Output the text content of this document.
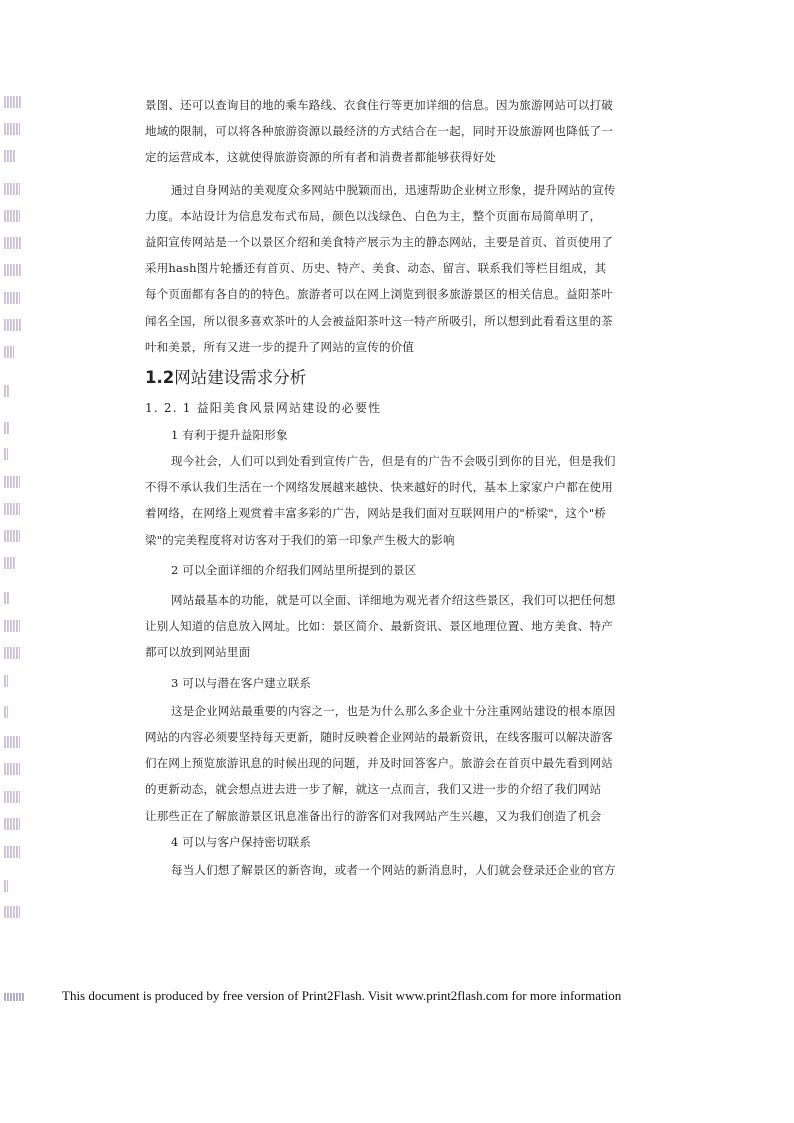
景图、还可以查询目的地的乘车路线、衣食住行等更加详细的信息。因为旅游网站可以打破
地域的限制，可以将各种旅游资源以最经济的方式结合在一起，同时开设旅游网也降低了一
定的运营成本，这就使得旅游资源的所有者和消费者都能够获得好处
通过自身网站的美观度众多网站中脱颖而出，迅速帮助企业树立形象，提升网站的宣传
力度。本站设计为信息发布式布局，颜色以浅绿色、白色为主，整个页面布局简单明了，
益阳宣传网站是一个以景区介绍和美食特产展示为主的静态网站，主要是首页、首页使用了
采用hash图片轮播还有首页、历史、特产、美食、动态、留言、联系我们等栏目组成，其
每个页面都有各自的的特色。旅游者可以在网上浏览到很多旅游景区的相关信息。益阳茶叶
闻名全国，所以很多喜欢茶叶的人会被益阳茶叶这一特产所吸引，所以想到此看看这里的茶
叶和美景，所有又进一步的提升了网站的宣传的价值
1.2网站建设需求分析
1. 2. 1 益阳美食风景网站建设的必要性
1 有利于提升益阳形象
现今社会，人们可以到处看到宣传广告，但是有的广告不会吸引到你的目光，但是我们
不得不承认我们生活在一个网络发展越来越快、快来越好的时代，基本上家家户户都在使用
着网络，在网络上观赏着丰富多彩的广告，网站是我们面对互联网用户的"桥梁"，这个"桥
梁"的完美程度将对访客对于我们的第一印象产生极大的影响
2 可以全面详细的介绍我们网站里所提到的景区
网站最基本的功能，就是可以全面、详细地为观光者介绍这些景区，我们可以把任何想
让别人知道的信息放入网址。比如：景区简介、最新资讯、景区地理位置、地方美食、特产
都可以放到网站里面
3 可以与潜在客户建立联系
这是企业网站最重要的内容之一，也是为什么那么多企业十分注重网站建设的根本原因
网站的内容必须要坚持每天更新，随时反映着企业网站的最新资讯，在线客服可以解决游客
们在网上预览旅游讯息的时候出现的问题，并及时回答客户。旅游会在首页中最先看到网站
的更新动态，就会想点进去进一步了解，就这一点而言，我们又进一步的介绍了我们网站
让那些正在了解旅游景区讯息准备出行的游客们对我网站产生兴趣，又为我们创造了机会
4 可以与客户保持密切联系
每当人们想了解景区的新咨询，或者一个网站的新消息时，人们就会登录还企业的官方
This document is produced by free version of Print2Flash. Visit www.print2flash.com for more information
